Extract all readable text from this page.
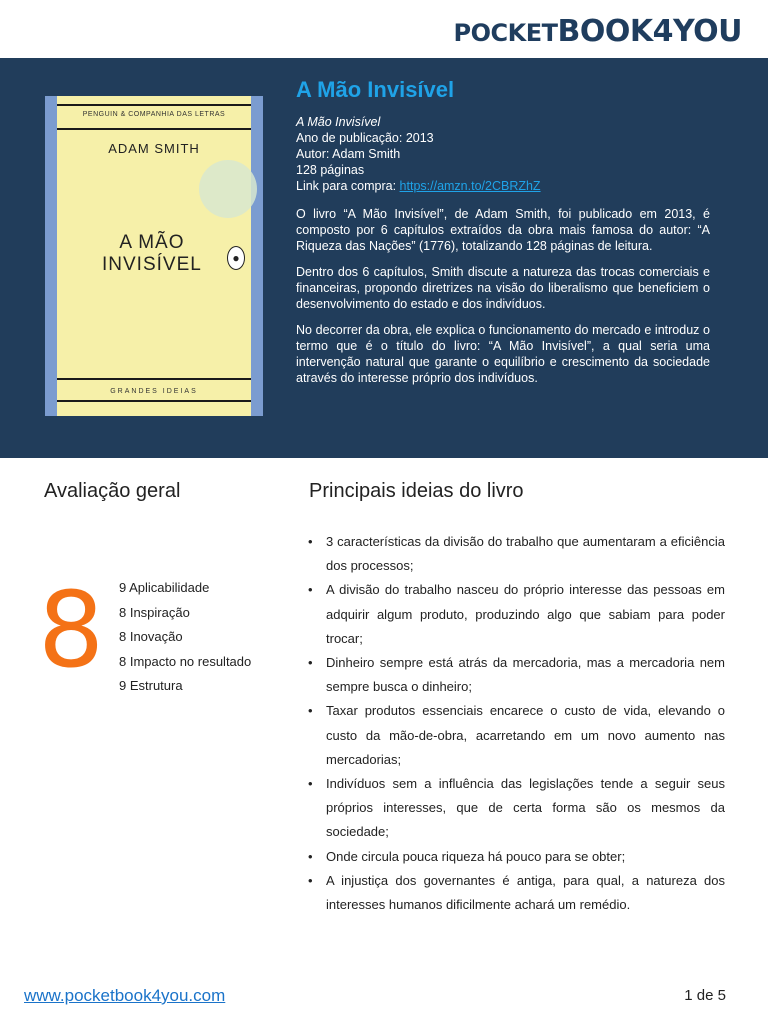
POCKETBOOK4YOU
PENGUIN ⁠& COMPANHIA DAS LETRAS
ADAM SMITH
A MÃO
INVISÍVEL	●
GRANDES IDEIAS
A Mão Invisível
A Mão Invisível
Ano de publicação: 2013
Autor: Adam Smith
128 páginas
Link para compra: https://amzn.to/2CBRZhZ

O livro “A Mão Invisível”, de Adam Smith, foi publicado em 2013, é composto por 6 capítulos extraídos da obra mais famosa do autor: “A Riqueza das Nações” (1776), totalizando 128 páginas de leitura.

Dentro dos 6 capítulos, Smith discute a natureza das trocas comerciais e financeiras, propondo diretrizes na visão do liberalismo que beneficiem o desenvolvimento do estado e dos indivíduos.

No decorrer da obra, ele explica o funcionamento do mercado e introduz o termo que é o título do livro: “A Mão Invisível”, a qual seria uma intervenção natural que garante o equilíbrio e crescimento da sociedade através do interesse próprio dos indivíduos.

Avaliação geral	Principais ideias do livro
8 9 Aplicabilidade
8 Inspiração
8 Inovação
8 Impacto no resultado
9 Estrutura
• 3 características da divisão do trabalho que aumentaram a eficiência dos processos;
• A divisão do trabalho nasceu do próprio interesse das pessoas em adquirir algum produto, produzindo algo que sabiam para poder trocar;
• Dinheiro sempre está atrás da mercadoria, mas a mercadoria nem sempre busca o dinheiro;
• Taxar produtos essenciais encarece o custo de vida, elevando o custo da mão-de-obra, acarretando em um novo aumento nas mercadorias;
• Indivíduos sem a influência das legislações tende a seguir seus próprios interesses, que de certa forma são os mesmos da sociedade;
• Onde circula pouca riqueza há pouco para se obter;
• A injustiça dos governantes é antiga, para qual, a natureza dos interesses humanos dificilmente achará um remédio.
www.pocketbook4you.com	1 de 5
